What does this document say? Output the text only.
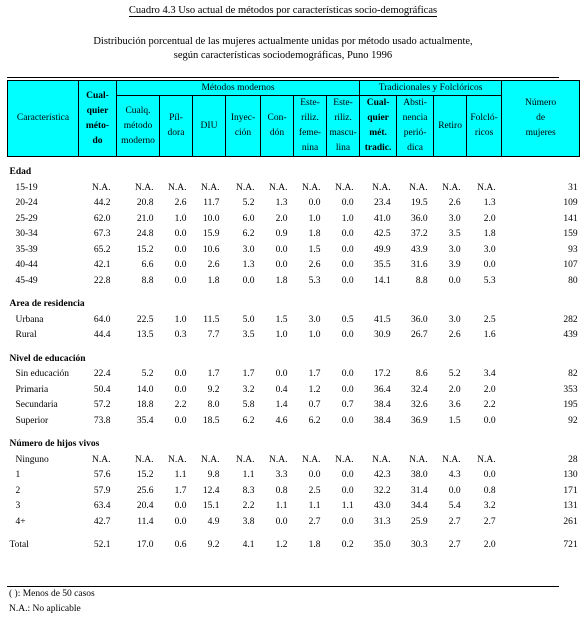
Cuadro 4.3 Uso actual de métodos por características socio-demográficas
Distribución porcentual de las mujeres actualmente unidas por método usado actualmente,
según características sociodemográficas, Puno 1996
Característica	Cual-
quier
méto-
do	Métodos modernos							Tradicionales y Folclóricos				Número
de
mujeres
		Cualq.
método
moderno	Píl-
dora	DIU	Inyec-
ción	Con-
dón	Este-
riliz.
feme-
nina	Este-
riliz.
mascu-
lina	Cual-
quier
mét.
tradic.	Absti-
nencia
perió-
dica	Retiro	Folcló-
ricos	

Edad													
15-19	N.A.	N.A.	N.A.	N.A.	N.A.	N.A.	N.A.	N.A.	N.A.	N.A.	N.A.	N.A.	31
20-24	44.2	20.8	2.6	11.7	5.2	1.3	0.0	0.0	23.4	19.5	2.6	1.3	109
25-29	62.0	21.0	1.0	10.0	6.0	2.0	1.0	1.0	41.0	36.0	3.0	2.0	141
30-34	67.3	24.8	0.0	15.9	6.2	0.9	1.8	0.0	42.5	37.2	3.5	1.8	159
35-39	65.2	15.2	0.0	10.6	3.0	0.0	1.5	0.0	49.9	43.9	3.0	3.0	93
40-44	42.1	6.6	0.0	2.6	1.3	0.0	2.6	0.0	35.5	31.6	3.9	0.0	107
45-49	22.8	8.8	0.0	1.8	0.0	1.8	5.3	0.0	14.1	8.8	0.0	5.3	80

Area de residencia													
Urbana	64.0	22.5	1.0	11.5	5.0	1.5	3.0	0.5	41.5	36.0	3.0	2.5	282
Rural	44.4	13.5	0.3	7.7	3.5	1.0	1.0	0.0	30.9	26.7	2.6	1.6	439

Nivel de educación													
Sin educación	22.4	5.2	0.0	1.7	1.7	0.0	1.7	0.0	17.2	8.6	5.2	3.4	82
Primaria	50.4	14.0	0.0	9.2	3.2	0.4	1.2	0.0	36.4	32.4	2.0	2.0	353
Secundaria	57.2	18.8	2.2	8.0	5.8	1.4	0.7	0.7	38.4	32.6	3.6	2.2	195
Superior	73.8	35.4	0.0	18.5	6.2	4.6	6.2	0.0	38.4	36.9	1.5	0.0	92

Número de hijos vivos													
Ninguno	N.A.	N.A.	N.A.	N.A.	N.A.	N.A.	N.A.	N.A.	N.A.	N.A.	N.A.	N.A.	28
1	57.6	15.2	1.1	9.8	1.1	3.3	0.0	0.0	42.3	38.0	4.3	0.0	130
2	57.9	25.6	1.7	12.4	8.3	0.8	2.5	0.0	32.2	31.4	0.0	0.8	171
3	63.4	20.4	0.0	15.1	2.2	1.1	1.1	1.1	43.0	34.4	5.4	3.2	131
4+	42.7	11.4	0.0	4.9	3.8	0.0	2.7	0.0	31.3	25.9	2.7	2.7	261

Total	52.1	17.0	0.6	9.2	4.1	1.2	1.8	0.2	35.0	30.3	2.7	2.0	721
( ): Menos de 50 casos
N.A.: No aplicable
